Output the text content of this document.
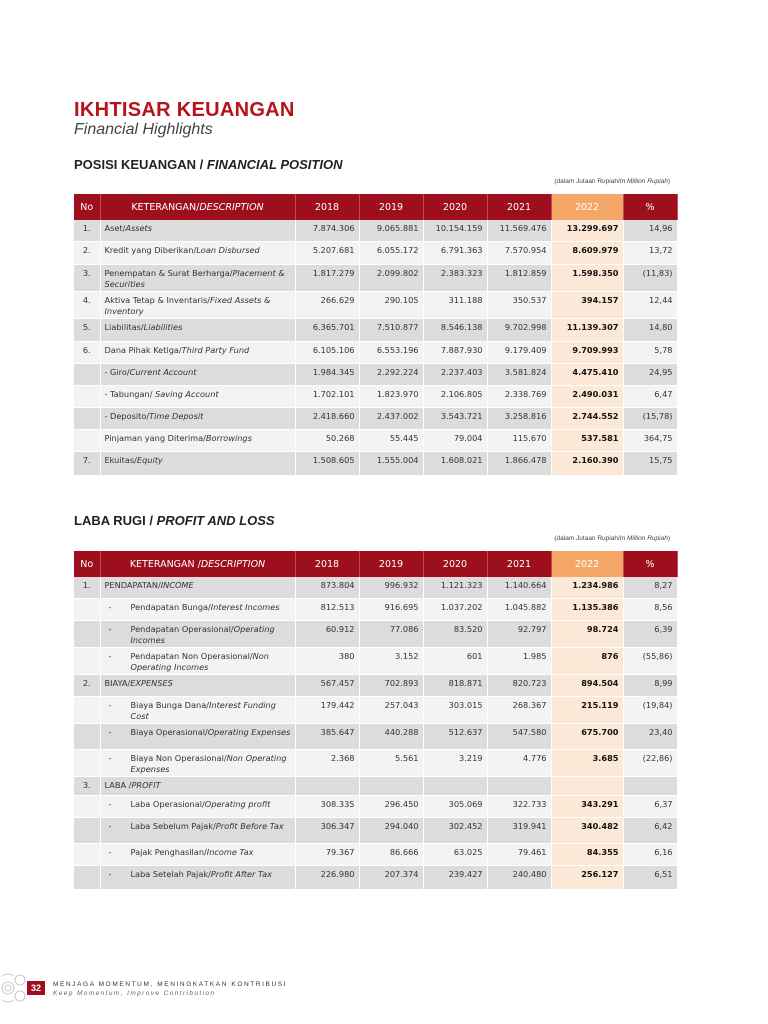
IKHTISAR KEUANGAN
Financial Highlights
POSISI KEUANGAN / FINANCIAL POSITION
(dalam Jutaan Rupiah/In Million Rupiah)
No	KETERANGAN/DESCRIPTION	2018	2019	2020	2021	2022	%
1.	Aset/Assets	7.874.306	9.065.881	10.154.159	11.569.476	13.299.697	14,96
2.	Kredit yang Diberikan/Loan Disbursed	5.207.681	6.055.172	6.791.363	7.570.954	8.609.979	13,72
3.	Penempatan & Surat Berharga/Placement & Securities	1.817.279	2.099.802	2.383.323	1.812.859	1.598.350	(11,83)
4.	Aktiva Tetap & Inventaris/Fixed Assets & Inventory	266.629	290.105	311.188	350.537	394.157	12,44
5.	Liabilitas/Liabilities	6.365.701	7.510.877	8.546.138	9.702.998	11.139.307	14,80
6.	Dana Pihak Ketiga/Third Party Fund	6.105.106	6.553.196	7.887.930	9.179.409	9.709.993	5,78
	- Giro/Current Account	1.984.345	2.292.224	2.237.403	3.581.824	4.475.410	24,95
	- Tabungan/ Saving Account	1.702.101	1.823.970	2.106.805	2.338.769	2.490.031	6,47
	- Deposito/Time Deposit	2.418.660	2.437.002	3.543.721	3.258.816	2.744.552	(15,78)
	Pinjaman yang Diterima/Borrowings	50.268	55.445	79.004	115.670	537.581	364,75
7.	Ekuitas/Equity	1.508.605	1.555.004	1.608.021	1.866.478	2.160.390	15,75
LABA RUGI / PROFIT AND LOSS
(dalam Jutaan Rupiah/In Million Rupiah)
No	KETERANGAN /DESCRIPTION	2018	2019	2020	2021	2022	%
1.	PENDAPATAN/INCOME	873.804	996.932	1.121.323	1.140.664	1.234.986	8,27

	- Pendapatan Bunga/Interest Incomes	812.513	916.695	1.037.202	1.045.882	1.135.386	8,56

	- Pendapatan Operasional/Operating Incomes	60.912	77.086	83.520	92.797	98.724	6,39

	- Pendapatan Non Operasional/Non Operating Incomes	380	3.152	601	1.985	876	(55,86)
2.	BIAYA/EXPENSES	567.457	702.893	818.871	820.723	894.504	8,99

	- Biaya Bunga Dana/Interest Funding Cost	179.442	257.043	303.015	268.367	215.119	(19,84)

	- Biaya Operasional/Operating Expenses	385.647	440.288	512.637	547.580	675.700	23,40

	- Biaya Non Operasional/Non Operating Expenses	2.368	5.561	3.219	4.776	3.685	(22,86)
3.	LABA /PROFIT						

	- Laba Operasional/Operating profit	308.335	296.450	305.069	322.733	343.291	6,37

	- Laba Sebelum Pajak/Profit Before Tax	306.347	294.040	302.452	319.941	340.482	6,42

	- Pajak Penghasilan/Income Tax	79.367	86.666	63.025	79.461	84.355	6,16

	- Laba Setelah Pajak/Profit After Tax	226.980	207.374	239.427	240.480	256.127	6,51
32	MENJAGA MOMENTUM, MENINGKATKAN KONTRIBUSI
Keep Momentum, Improve Contribution
